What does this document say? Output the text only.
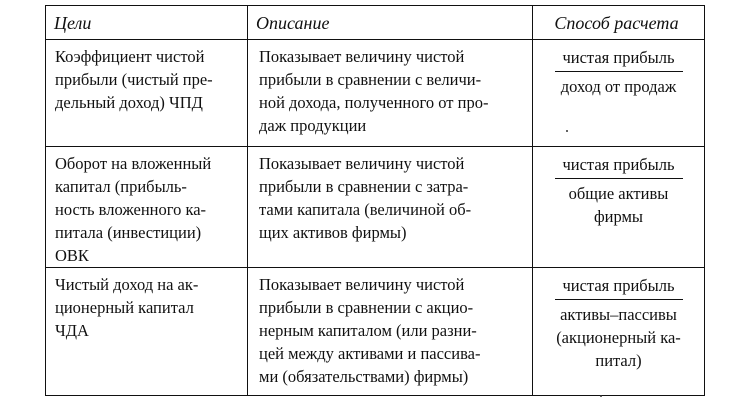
Цели	Описание	Способ расчета

Коэффициент чистой
прибыли (чистый пре-
дельный доход) ЧПД	Показывает величину чистой
прибыли в сравнении с величи-
ной дохода, полученного от про-
даж продукции	чистая прибыль
доход от продаж

Оборот на вложенный
капитал (прибыль-
ность вложенного ка-
питала (инвестиции)
ОВК	Показывает величину чистой
прибыли в сравнении с затра-
тами капитала (величиной об-
щих активов фирмы)	чистая прибыль
общие активы
фирмы

Чистый доход на ак-
ционерный капитал
ЧДА	Показывает величину чистой
прибыли в сравнении с акцио-
нерным капиталом (или разни-
цей между активами и пассива-
ми (обязательствами) фирмы)	чистая прибыль
активы–пассивы
(акционерный ка-
питал)
